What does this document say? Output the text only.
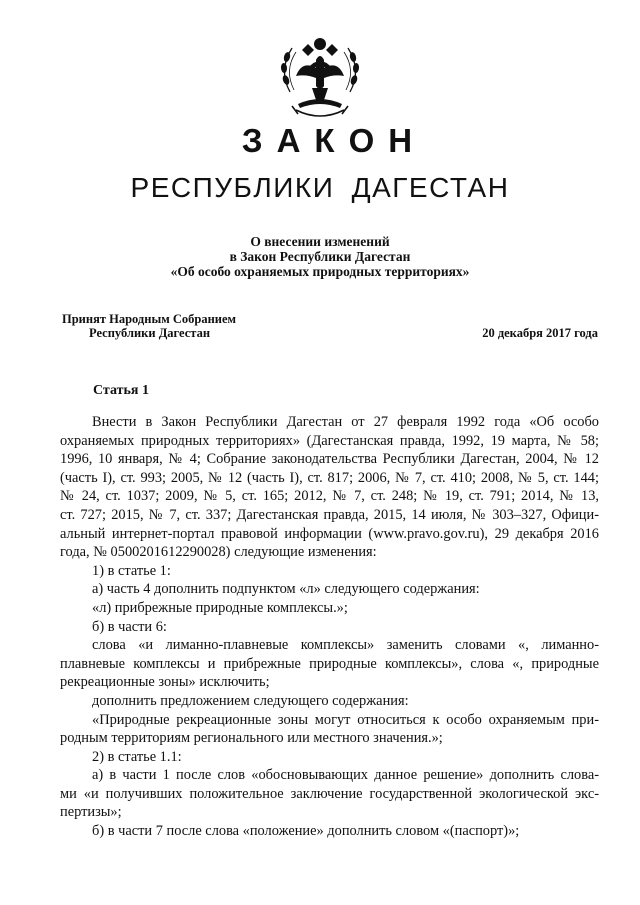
ЗАКОН
РЕСПУБЛИКИ ДАГЕСТАН
О внесении изменений
в Закон Республики Дагестан
«Об особо охраняемых природных территориях»
Принят Народным Собранием
Республики Дагестан	20 декабря 2017 года
Статья 1

Внести в Закон Республики Дагестан от 27 февраля 1992 года «Об особо

охраняемых природных территориях» (Дагестанская правда, 1992, 19 марта, № 58;

1996, 10 января, № 4; Собрание законодательства Республики Дагестан, 2004, № 12

(часть I), ст. 993; 2005, № 12 (часть I), ст. 817; 2006, № 7, ст. 410; 2008, № 5, ст. 144;

№ 24, ст. 1037; 2009, № 5, ст. 165; 2012, № 7, ст. 248; № 19, ст. 791; 2014, № 13,

ст. 727; 2015, № 7, ст. 337; Дагестанская правда, 2015, 14 июля, № 303–327, Офици-

альный интернет-портал правовой информации (www.pravo.gov.ru), 29 декабря 2016

года, № 0500201612290028) следующие изменения:

1) в статье 1:

а) часть 4 дополнить подпунктом «л» следующего содержания:

«л) прибрежные природные комплексы.»;

б) в части 6:

слова «и лиманно-плавневые комплексы» заменить словами «, лиманно-

плавневые комплексы и прибрежные природные комплексы», слова «, природные

рекреационные зоны» исключить;

дополнить предложением следующего содержания:

«Природные рекреационные зоны могут относиться к особо охраняемым при-

родным территориям регионального или местного значения.»;

2) в статье 1.1:

а) в части 1 после слов «обосновывающих данное решение» дополнить слова-

ми «и получивших положительное заключение государственной экологической экс-

пертизы»;

б) в части 7 после слова «положение» дополнить словом «(паспорт)»;
